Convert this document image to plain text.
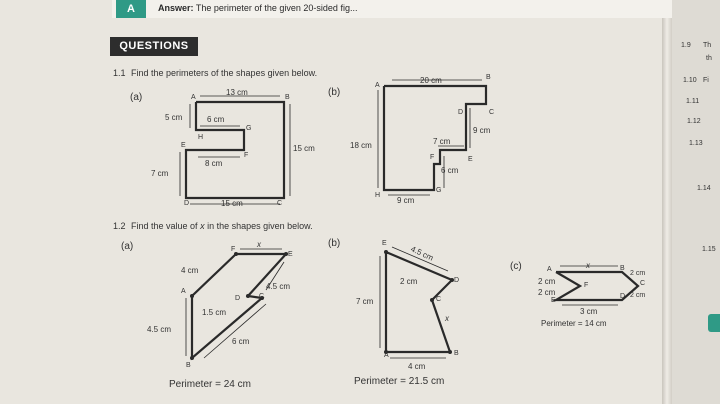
A	Answer: The perimeter of the given 20-sided fig...
QUESTIONS
1.1 Find the perimeters of the shapes given below.
(a)	(b)
A	B
C
D
E
F
G
H
13 cm
5 cm	6 cm
8 cm
15 cm
7 cm
15 cm
A
B
C
D
E
F
G
H
20 cm
18 cm
9 cm
7 cm
6 cm
9 cm
1.2 Find the value of x in the shapes given below.
(a)	(b)
(c)
A
B
C
D
E
F
x
4 cm
4.5 cm
1.5 cm
4.5 cm
6 cm
Perimeter = 24 cm
A	B
C
D
E
4.5 cm
2 cm
7 cm
x
4 cm
Perimeter = 21.5 cm
A	B
C
D
E
F
x
2 cm
2 cm
2 cm	2 cm
3 cm
Perimeter = 14 cm
1.9 Th
th
1.10 Fi
1.11
1.12
1.13
1.14
1.15
